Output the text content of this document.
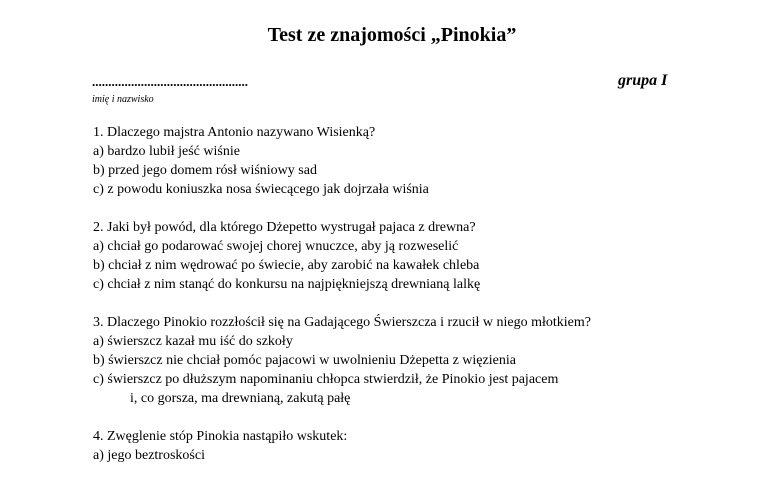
Test ze znajomości „Pinokia”
................................................
imię i nazwisko
grupa I
1. Dlaczego majstra Antonio nazywano Wisienką?
a) bardzo lubił jeść wiśnie
b) przed jego domem rósł wiśniowy sad
c) z powodu koniuszka nosa świecącego jak dojrzała wiśnia
2. Jaki był powód, dla którego Dżepetto wystrugał pajaca z drewna?
a) chciał go podarować swojej chorej wnuczce, aby ją rozweselić
b) chciał z nim wędrować po świecie, aby zarobić na kawałek chleba
c) chciał z nim stanąć do konkursu na najpiękniejszą drewnianą lalkę
3. Dlaczego Pinokio rozzłościł się na Gadającego Świerszcza i rzucił w niego młotkiem?
a) świerszcz kazał mu iść do szkoły
b) świerszcz nie chciał pomóc pajacowi w uwolnieniu Dżepetta z więzienia
c) świerszcz po dłuższym napominaniu chłopca stwierdził, że Pinokio jest pajacem
i, co gorsza, ma drewnianą, zakutą pałę
4. Zwęglenie stóp Pinokia nastąpiło wskutek:
a) jego beztroskości
